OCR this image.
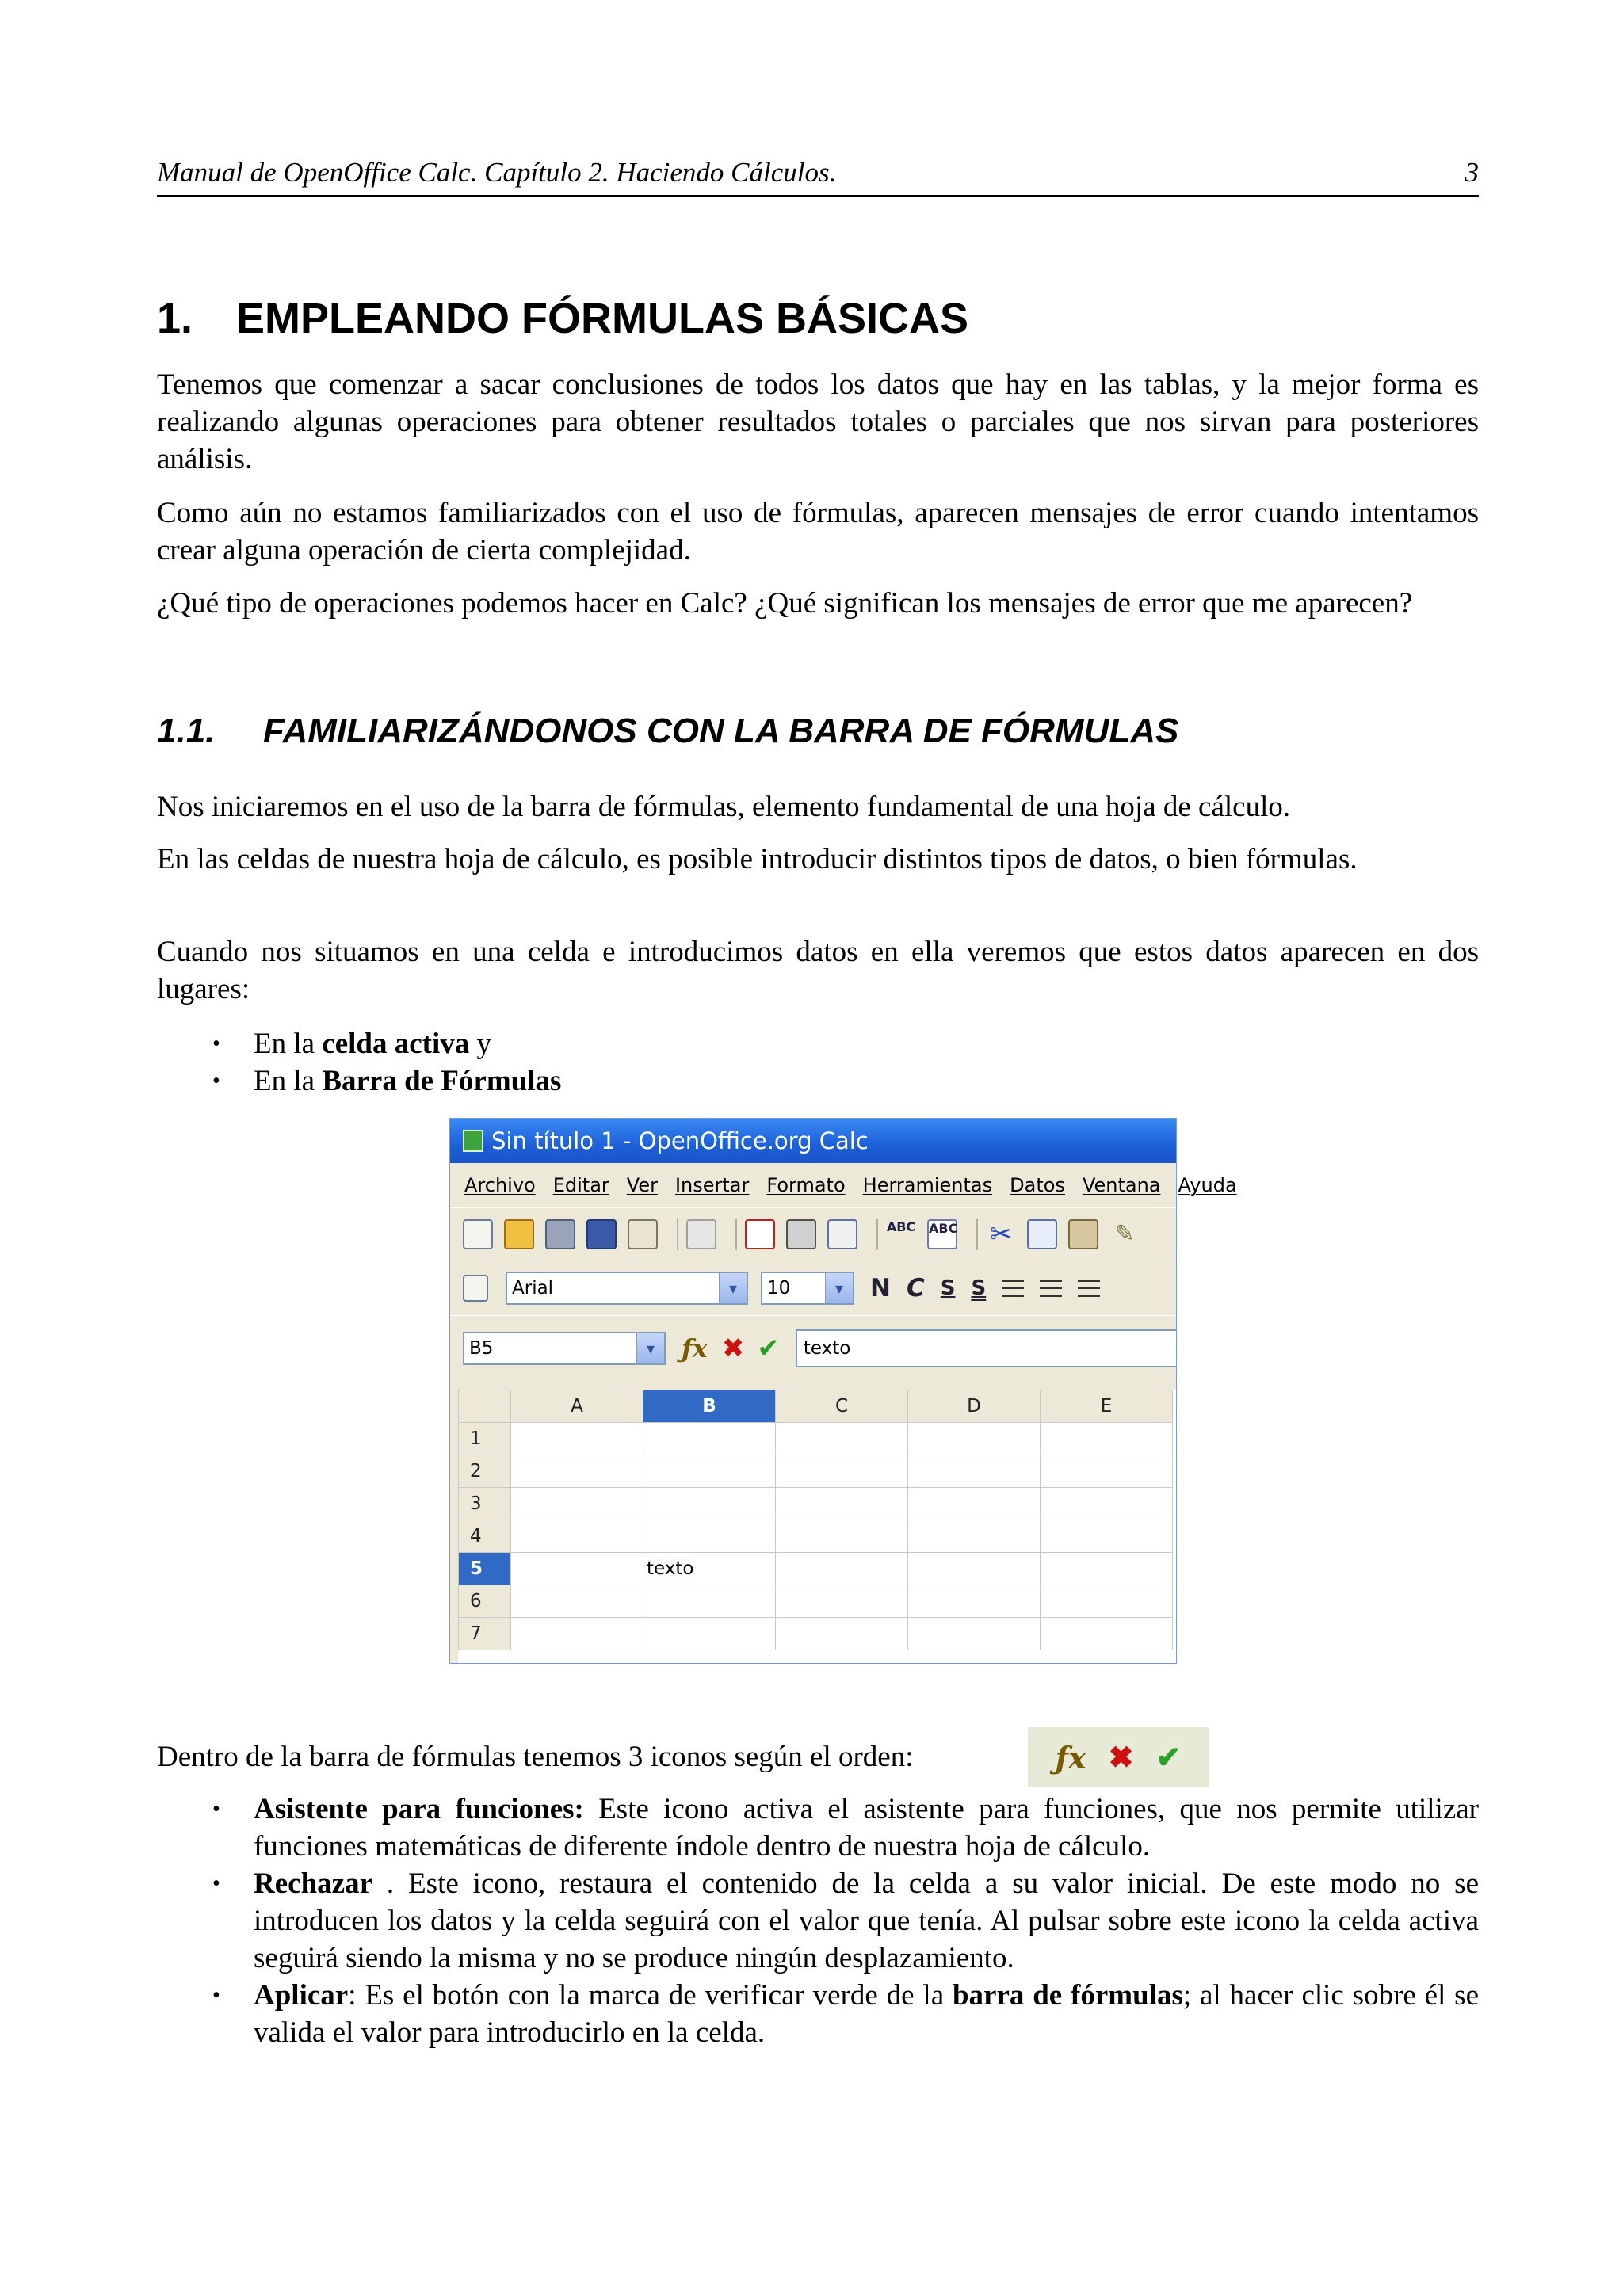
Manual de OpenOffice Calc. Capítulo 2. Haciendo Cálculos.	3
1. EMPLEANDO FÓRMULAS BÁSICAS

Tenemos que comenzar a sacar conclusiones de todos los datos que hay en las tablas, y la mejor forma es realizando algunas operaciones para obtener resultados totales o parciales que nos sirvan para posteriores análisis.

Como aún no estamos familiarizados con el uso de fórmulas, aparecen mensajes de error cuando intentamos crear alguna operación de cierta complejidad.

¿Qué tipo de operaciones podemos hacer en Calc? ¿Qué significan los mensajes de error que me aparecen?

1.1. FAMILIARIZÁNDONOS CON LA BARRA DE FÓRMULAS

Nos iniciaremos en el uso de la barra de fórmulas, elemento fundamental de una hoja de cálculo.

En las celdas de nuestra hoja de cálculo, es posible introducir distintos tipos de datos, o bien fórmulas.

Cuando nos situamos en una celda e introducimos datos en ella veremos que estos datos aparecen en dos lugares:

• En la celda activa y
• En la Barra de Fórmulas
Sin título 1 - OpenOffice.org Calc
Archivo Editar Ver Insertar Formato Herramientas Datos Ventana Ayuda
ABC ABC ✂	✎
Arial	▾	10	▾	N C S S
B5	▾	ƒx ✖ ✔ texto
	A	B	C	D	E
1					
2					
3					
4					
5		texto			
6					
7					

Dentro de la barra de fórmulas tenemos 3 iconos según el orden:	ƒx ✖ ✔
• Asistente para funciones: Este icono activa el asistente para funciones, que nos permite utilizar funciones matemáticas de diferente índole dentro de nuestra hoja de cálculo.
• Rechazar . Este icono, restaura el contenido de la celda a su valor inicial. De este modo no se introducen los datos y la celda seguirá con el valor que tenía. Al pulsar sobre este icono la celda activa seguirá siendo la misma y no se produce ningún desplazamiento.
• Aplicar: Es el botón con la marca de verificar verde de la barra de fórmulas; al hacer clic sobre él se valida el valor para introducirlo en la celda.
